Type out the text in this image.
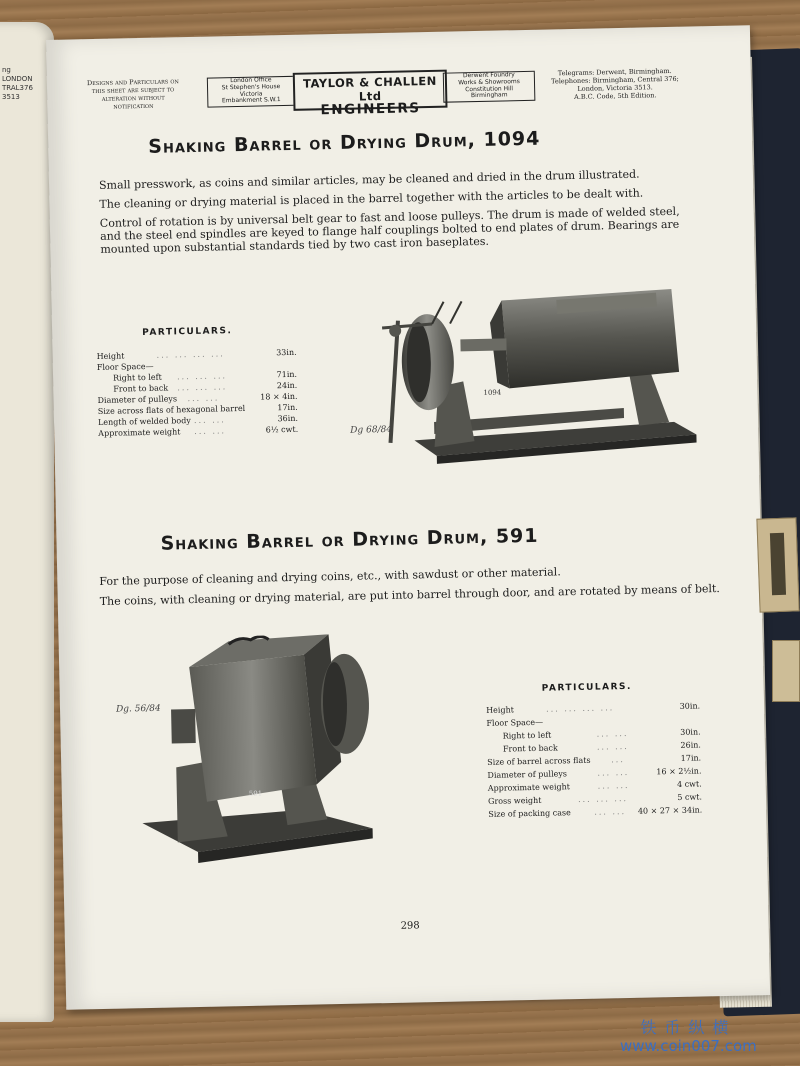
ng
LONDON
TRAL376
3513
Designs and Particulars on this sheet are subject to alteration without notification
London Office
St Stephen's House
Victoria
Embankment S.W.1
TAYLOR & CHALLEN Ltd
ENGINEERS
Derwent Foundry
Works & Showrooms
Constitution Hill
Birmingham
Telegrams: Derwent, Birmingham.
Telephones: Birmingham, Central 376;
London, Victoria 3513.
A.B.C. Code, 5th Edition.
Shaking Barrel or Drying Drum, 1094

Small presswork, as coins and similar articles, may be cleaned and dried in the drum illustrated.

The cleaning or drying material is placed in the barrel together with the articles to be dealt with.

Control of rotation is by universal belt gear to fast and loose pulleys. The drum is made of welded steel, and the steel end spindles are keyed to flange half couplings bolted to end plates of drum. Bearings are mounted upon substantial standards tied by two cast iron baseplates.

PARTICULARS.
Height	... ... ... ...	33in.
Floor Space—
Right to left ... ... ...	71in.
Front to back ... ... ...	24in.
Diameter of pulleys ... ...	18 × 4in.
Size across flats of hexagonal barrel	17in.
Length of welded body ... ...	36in.
Approximate weight ... ...	6½ cwt.
1094
Dg 68/84
Shaking Barrel or Drying Drum, 591

For the purpose of cleaning and drying coins, etc., with sawdust or other material.

The coins, with cleaning or drying material, are put into barrel through door, and are rotated by means of belt.

591
Dg. 56/84
PARTICULARS.
Height	... ... ... ...	30in.
Floor Space—
Right to left	... ...	30in.
Front to back	... ...	26in.
Size of barrel across flats	...	17in.
Diameter of pulleys	... ...	16 × 2½in.
Approximate weight	... ...	4 cwt.
Gross weight	... ... ...	5 cwt.
Size of packing case	... ... 40 × 27 × 34in.
298
铁币纵横
www.coin007.com
